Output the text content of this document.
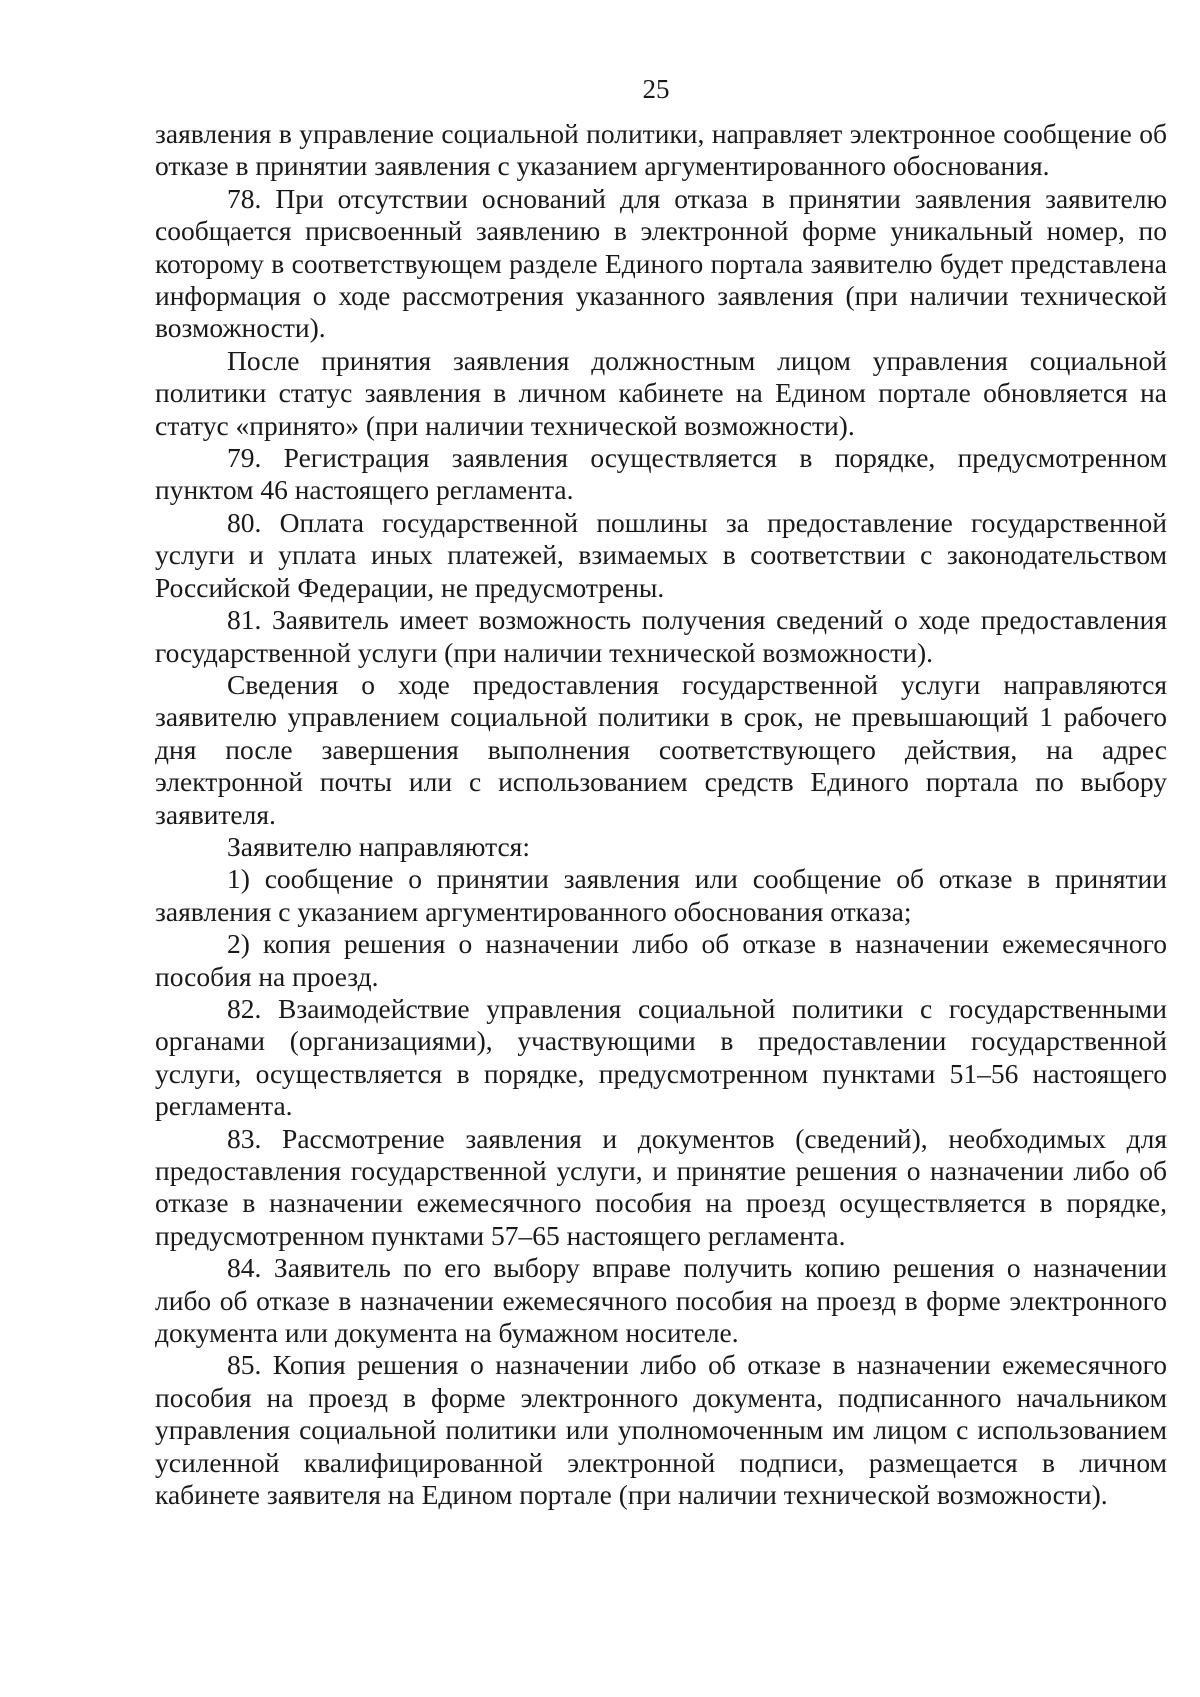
25

заявления в управление социальной политики, направляет электронное сообщение об отказе в принятии заявления с указанием аргументированного обоснования.

78. При отсутствии оснований для отказа в принятии заявления заявителю сообщается присвоенный заявлению в электронной форме уникальный номер, по которому в соответствующем разделе Единого портала заявителю будет представлена информация о ходе рассмотрения указанного заявления (при наличии технической возможности).

После принятия заявления должностным лицом управления социальной политики статус заявления в личном кабинете на Едином портале обновляется на статус «принято» (при наличии технической возможности).

79. Регистрация заявления осуществляется в порядке, предусмотренном пунктом 46 настоящего регламента.

80. Оплата государственной пошлины за предоставление государственной услуги и уплата иных платежей, взимаемых в соответствии с законодательством Российской Федерации, не предусмотрены.

81. Заявитель имеет возможность получения сведений о ходе предоставления государственной услуги (при наличии технической возможности).

Сведения о ходе предоставления государственной услуги направляются заявителю управлением социальной политики в срок, не превышающий 1 рабочего дня после завершения выполнения соответствующего действия, на адрес электронной почты или с использованием средств Единого портала по выбору заявителя.

Заявителю направляются:

1) сообщение о принятии заявления или сообщение об отказе в принятии заявления с указанием аргументированного обоснования отказа;

2) копия решения о назначении либо об отказе в назначении ежемесячного пособия на проезд.

82. Взаимодействие управления социальной политики с государственными органами (организациями), участвующими в предоставлении государственной услуги, осуществляется в порядке, предусмотренном пунктами 51–56 настоящего регламента.

83. Рассмотрение заявления и документов (сведений), необходимых для предоставления государственной услуги, и принятие решения о назначении либо об отказе в назначении ежемесячного пособия на проезд осуществляется в порядке, предусмотренном пунктами 57–65 настоящего регламента.

84. Заявитель по его выбору вправе получить копию решения о назначении либо об отказе в назначении ежемесячного пособия на проезд в форме электронного документа или документа на бумажном носителе.

85. Копия решения о назначении либо об отказе в назначении ежемесячного пособия на проезд в форме электронного документа, подписанного начальником управления социальной политики или уполномоченным им лицом с использованием усиленной квалифицированной электронной подписи, размещается в личном кабинете заявителя на Едином портале (при наличии технической возможности).
